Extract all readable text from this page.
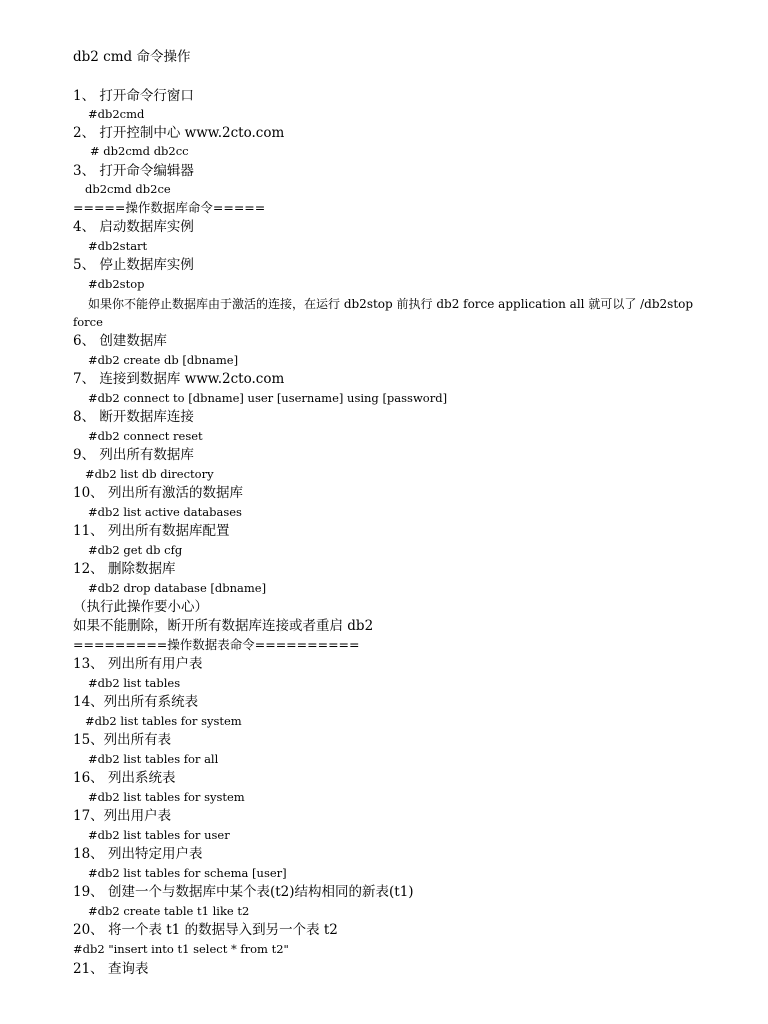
db2 cmd 命令操作
1、 打开命令行窗口
#db2cmd
2、 打开控制中心 www.2cto.com
# db2cmd db2cc
3、 打开命令编辑器
db2cmd db2ce
=====操作数据库命令=====
4、 启动数据库实例
#db2start
5、 停止数据库实例
#db2stop
如果你不能停止数据库由于激活的连接，在运行 db2stop 前执行 db2 force application all 就可以了 /db2stop
force
6、 创建数据库
#db2 create db [dbname]
7、 连接到数据库 www.2cto.com
#db2 connect to [dbname] user [username] using [password]
8、 断开数据库连接
#db2 connect reset
9、 列出所有数据库
#db2 list db directory
10、 列出所有激活的数据库
#db2 list active databases
11、 列出所有数据库配置
#db2 get db cfg
12、 删除数据库
#db2 drop database [dbname]
（执行此操作要小心）
如果不能删除，断开所有数据库连接或者重启 db2
=========操作数据表命令==========
13、 列出所有用户表
#db2 list tables
14、列出所有系统表
#db2 list tables for system
15、列出所有表
#db2 list tables for all
16、 列出系统表
#db2 list tables for system
17、列出用户表
#db2 list tables for user
18、 列出特定用户表
#db2 list tables for schema [user]
19、 创建一个与数据库中某个表(t2)结构相同的新表(t1)
#db2 create table t1 like t2
20、 将一个表 t1 的数据导入到另一个表 t2
#db2 "insert into t1 select * from t2"
21、 查询表
